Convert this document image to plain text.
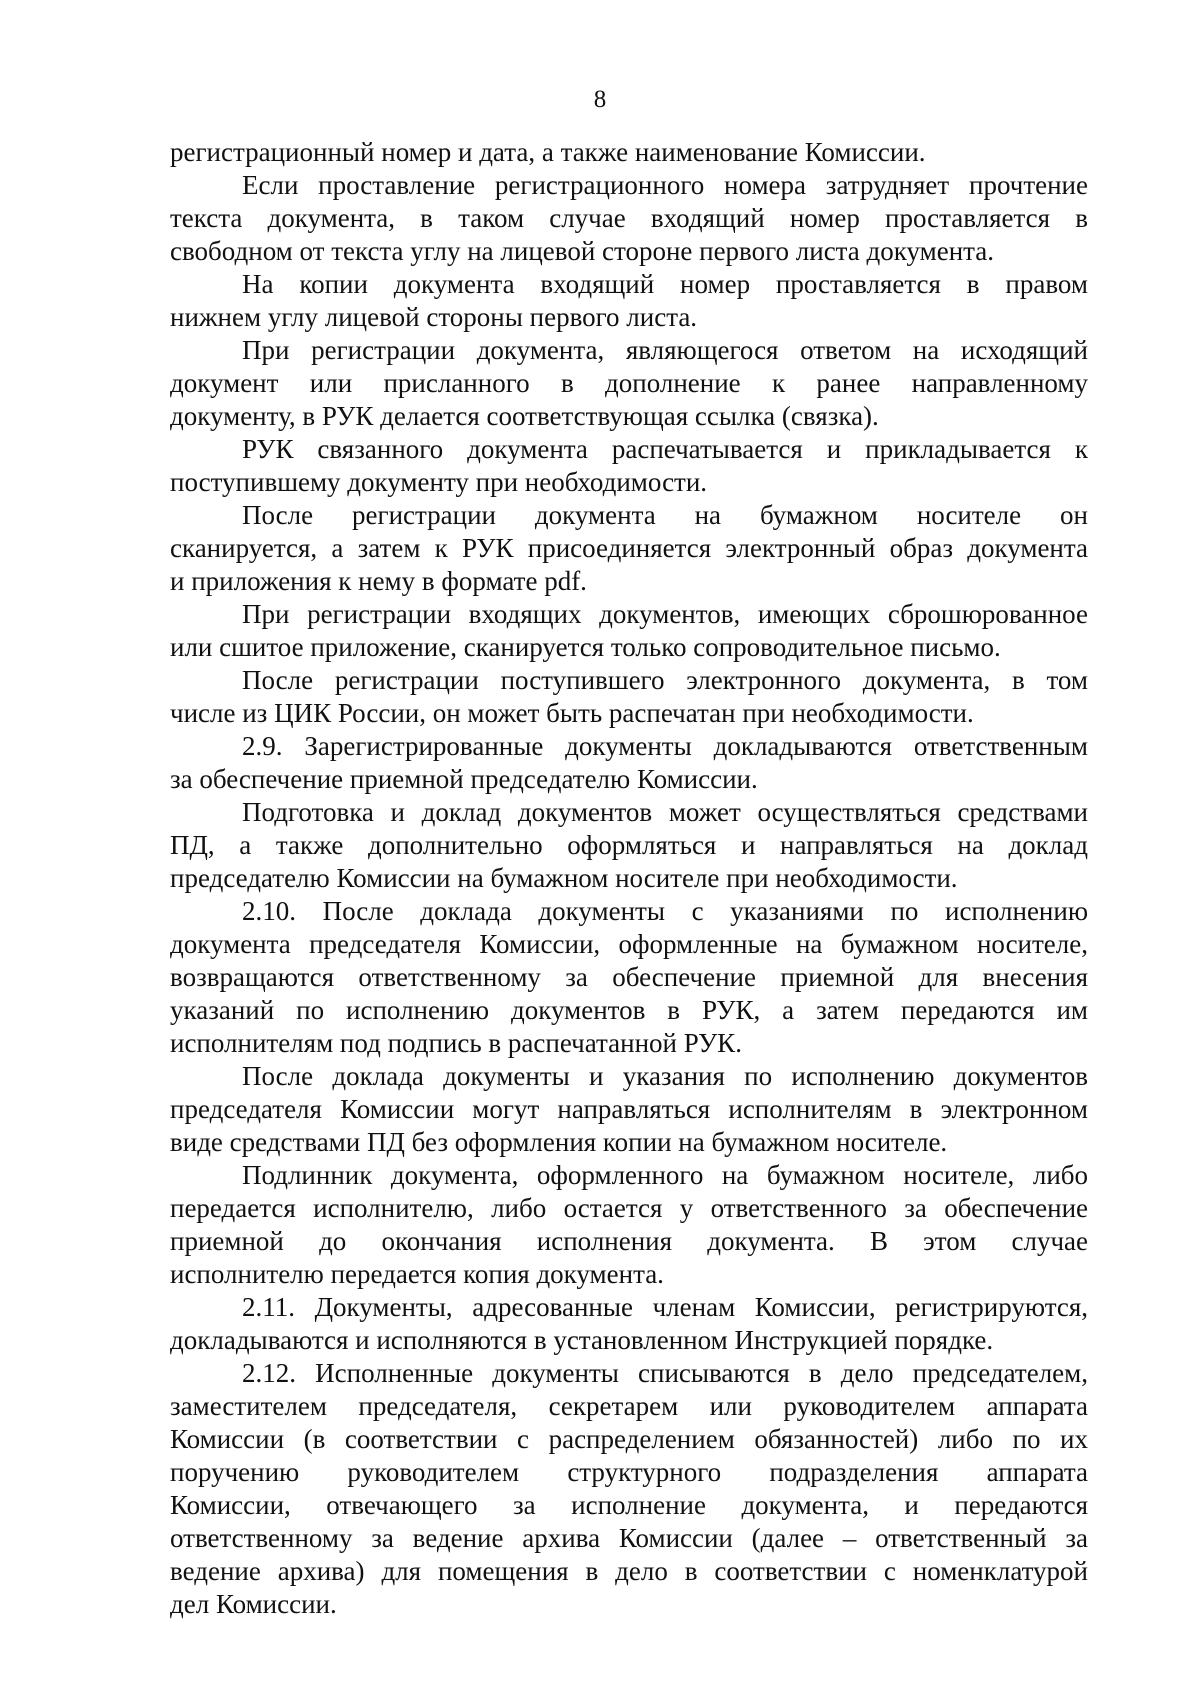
8
регистрационный номер и дата, а также наименование Комиссии.
Если проставление регистрационного номера затрудняет прочтение
текста документа, в таком случае входящий номер проставляется в
свободном от текста углу на лицевой стороне первого листа документа.
На копии документа входящий номер проставляется в правом
нижнем углу лицевой стороны первого листа.
При регистрации документа, являющегося ответом на исходящий
документ или присланного в дополнение к ранее направленному
документу, в РУК делается соответствующая ссылка (связка).
РУК связанного документа распечатывается и прикладывается к
поступившему документу при необходимости.
После регистрации документа на бумажном носителе он
сканируется, а затем к РУК присоединяется электронный образ документа
и приложения к нему в формате pdf.
При регистрации входящих документов, имеющих сброшюрованное
или сшитое приложение, сканируется только сопроводительное письмо.
После регистрации поступившего электронного документа, в том
числе из ЦИК России, он может быть распечатан при необходимости.
2.9. Зарегистрированные документы докладываются ответственным
за обеспечение приемной председателю Комиссии.
Подготовка и доклад документов может осуществляться средствами
ПД, а также дополнительно оформляться и направляться на доклад
председателю Комиссии на бумажном носителе при необходимости.
2.10. После доклада документы с указаниями по исполнению
документа председателя Комиссии, оформленные на бумажном носителе,
возвращаются ответственному за обеспечение приемной для внесения
указаний по исполнению документов в РУК, а затем передаются им
исполнителям под подпись в распечатанной РУК.
После доклада документы и указания по исполнению документов
председателя Комиссии могут направляться исполнителям в электронном
виде средствами ПД без оформления копии на бумажном носителе.
Подлинник документа, оформленного на бумажном носителе, либо
передается исполнителю, либо остается у ответственного за обеспечение
приемной до окончания исполнения документа. В этом случае
исполнителю передается копия документа.
2.11. Документы, адресованные членам Комиссии, регистрируются,
докладываются и исполняются в установленном Инструкцией порядке.
2.12. Исполненные документы списываются в дело председателем,
заместителем председателя, секретарем или руководителем аппарата
Комиссии (в соответствии с распределением обязанностей) либо по их
поручению руководителем структурного подразделения аппарата
Комиссии, отвечающего за исполнение документа, и передаются
ответственному за ведение архива Комиссии (далее – ответственный за
ведение архива) для помещения в дело в соответствии с номенклатурой
дел Комиссии.
